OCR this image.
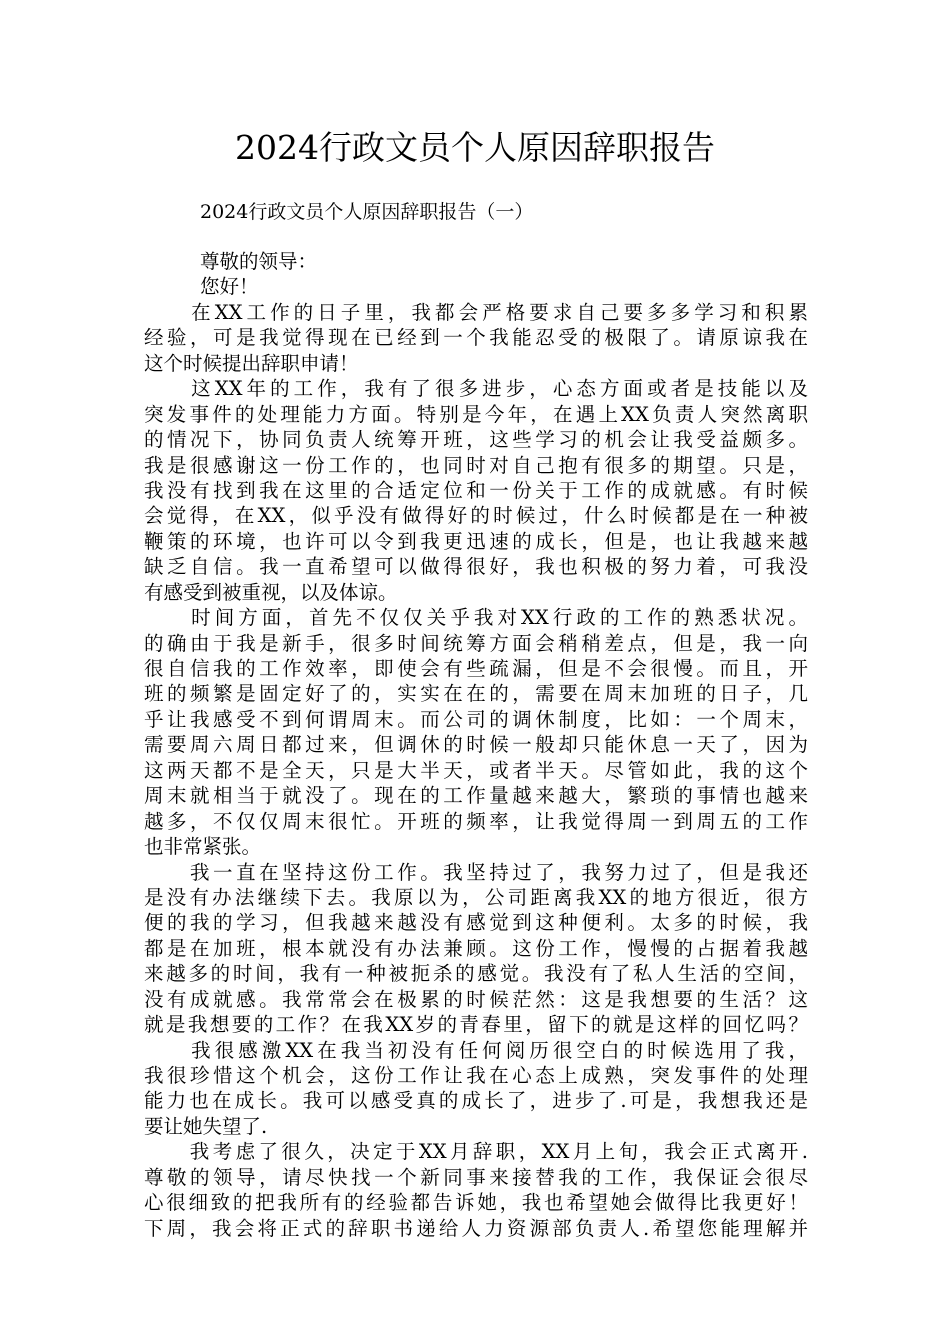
2024行政文员个人原因辞职报告

2024行政文员个人原因辞职报告（一）

尊敬的领导：
您好！
　　在XX工作的日子里，我都会严格要求自己要多多学习和积累
经验，可是我觉得现在已经到一个我能忍受的极限了。请原谅我在
这个时候提出辞职申请！
　　这XX年的工作，我有了很多进步，心态方面或者是技能以及
突发事件的处理能力方面。特别是今年，在遇上XX负责人突然离职
的情况下，协同负责人统筹开班，这些学习的机会让我受益颇多。
我是很感谢这一份工作的，也同时对自己抱有很多的期望。只是，
我没有找到我在这里的合适定位和一份关于工作的成就感。有时候
会觉得，在XX，似乎没有做得好的时候过，什么时候都是在一种被
鞭策的环境，也许可以令到我更迅速的成长，但是，也让我越来越
缺乏自信。我一直希望可以做得很好，我也积极的努力着，可我没
有感受到被重视，以及体谅。
　　时间方面，首先不仅仅关乎我对XX行政的工作的熟悉状况。
的确由于我是新手，很多时间统筹方面会稍稍差点，但是，我一向
很自信我的工作效率，即使会有些疏漏，但是不会很慢。而且，开
班的频繁是固定好了的，实实在在的，需要在周末加班的日子，几
乎让我感受不到何谓周末。而公司的调休制度，比如：一个周末，
需要周六周日都过来，但调休的时候一般却只能休息一天了，因为
这两天都不是全天，只是大半天，或者半天。尽管如此，我的这个
周末就相当于就没了。现在的工作量越来越大，繁琐的事情也越来
越多，不仅仅周末很忙。开班的频率，让我觉得周一到周五的工作
也非常紧张。
　　我一直在坚持这份工作。我坚持过了，我努力过了，但是我还
是没有办法继续下去。我原以为，公司距离我XX的地方很近，很方
便的我的学习，但我越来越没有感觉到这种便利。太多的时候，我
都是在加班，根本就没有办法兼顾。这份工作，慢慢的占据着我越
来越多的时间，我有一种被扼杀的感觉。我没有了私人生活的空间，
没有成就感。我常常会在极累的时候茫然：这是我想要的生活？这
就是我想要的工作？在我XX岁的青春里，留下的就是这样的回忆吗？
　　我很感激XX在我当初没有任何阅历很空白的时候选用了我，
我很珍惜这个机会，这份工作让我在心态上成熟，突发事件的处理
能力也在成长。我可以感受真的成长了，进步了.可是，我想我还是
要让她失望了.
　　我考虑了很久，决定于XX月辞职，XX月上旬，我会正式离开.
尊敬的领导，请尽快找一个新同事来接替我的工作，我保证会很尽
心很细致的把我所有的经验都告诉她，我也希望她会做得比我更好！
下周，我会将正式的辞职书递给人力资源部负责人.希望您能理解并
